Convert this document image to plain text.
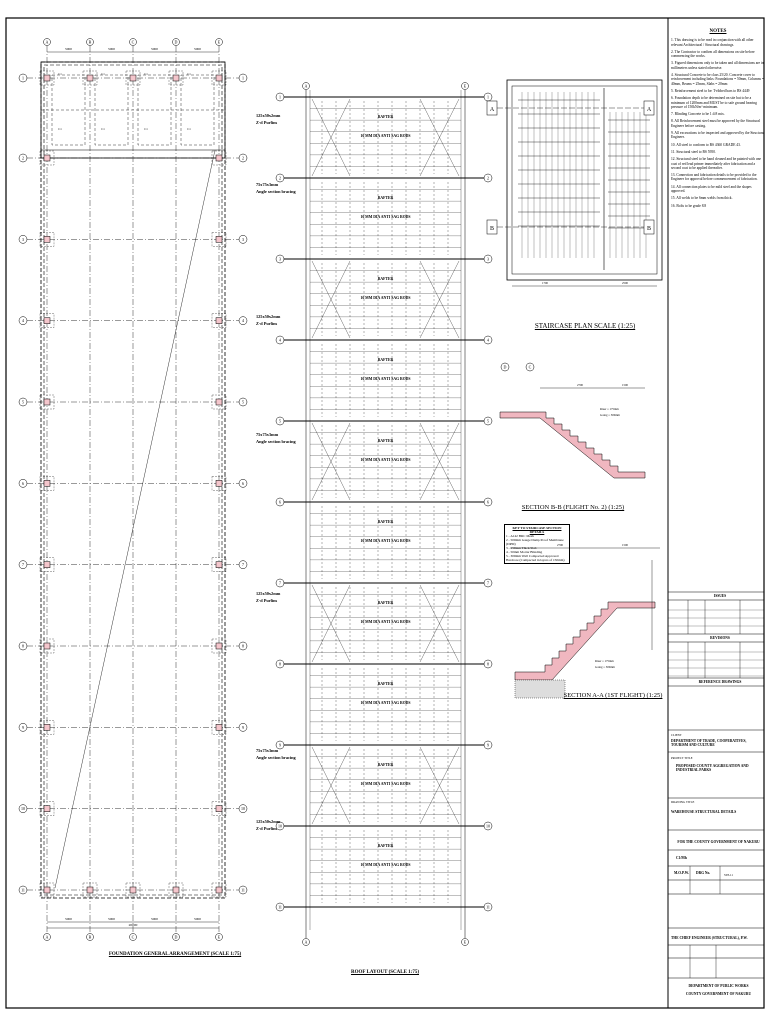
A
A
B
B
C
C
D
D
E
E
1	1
2	2
3	3
4	4
5	5
6	6
7	7
8	8
9	9
10	10
11	11
5000
5000
5000
5000
5000
5000
5000
5000
20000
C1
C1
C1
C1
C1
C1
C1
C1
A	E
A	E
1	1
2	2
3	3
4	4
5	5
6	6
7	7
8	8
9	9
10	10
11	11
RAFTER
16 MM DIA ANTI SAG RODS
RAFTER
16 MM DIA ANTI SAG RODS
RAFTER
16 MM DIA ANTI SAG RODS
RAFTER
16 MM DIA ANTI SAG RODS
RAFTER
16 MM DIA ANTI SAG RODS
RAFTER
16 MM DIA ANTI SAG RODS
RAFTER
16 MM DIA ANTI SAG RODS
RAFTER
16 MM DIA ANTI SAG RODS
RAFTER
16 MM DIA ANTI SAG RODS
RAFTER
16 MM DIA ANTI SAG RODS
125x50x2mm
Z-d Purlins
75x75x3mm
Angle section bracing
125x50x2mm
Z-d Purlins
75x75x3mm
Angle section bracing
125x50x2mm
Z-d Purlins
75x75x3mm
Angle section bracing
125x50x2mm
Z-d Purlins
A	A
B	B
1700	2500
D	C
2700	1500
Riser = 175mm
Going = 300mm
2700	1500
Riser = 175mm
Going = 300mm
FOUNDATION GENERAL ARRANGEMENT (SCALE 1:75)
ROOF LAYOUT (SCALE 1:75)
STAIRCASE PLAN SCALE (1:25)
SECTION B-B (FLIGHT No. 2) (1:25)
SECTION A-A (1ST FLIGHT) (1:25)
KEY TO STAIRCASE SECTION DETAILS
1 - A142 BRC Mesh
2 - 500mm Gauge Damp Proof Membrane (DPM)
3 - 150mm Thick Slab
4 - 50mm Mortar Blinding
5 - 300mm Well Compacted Approved Hardcore (Compacted in layers of 150mm)
NOTES
1. This drawing is to be read in conjunction with all other relevant Architectural / Structural drawings.
2. The Contractor to confirm all dimensions on site before commencing the works.
3. Figured dimensions only to be taken and all dimensions are in millimeters unless stated otherwise.
4. Structural Concrete to be class 25/20. Concrete cover to reinforcement including links: Foundations = 50mm, Columns = 40mm, Beams = 25mm, Slabs = 20mm
5. Reinforcement steel to be: T-ribbed bars to BS 4449
6. Foundation depth to be determined on site but to be a minimum of 1200mm and MUST be to safe ground bearing pressure of 150kN/m² minimum.
7. Blinding Concrete to be 1:4:8 mix.
8. All Reinforcement steel must be approved by the Structural Engineer before casting.
9. All excavations to be inspected and approved by the Structural Engineer.
10. All steel to conform to BS 4360 GRADE 43.
11. Structural steel to BS 5950.
12. Structural steel to be hand cleaned and be painted with one coat of red lead primer immediately after fabrication and a second coat to be applied thereafter.
13. Connection and fabrication details to be provided to the Engineer for approval before commencement of fabrication.
14. All connection plates to be mild steel and the shapes approved.
15. All welds to be 6mm welds from thick.
16. Bolts to be grade 8.8
ISSUES
REVISIONS
REFERENCE DRAWINGS
CLIENT
DEPARTMENT OF TRADE, COOPERATIVES, TOURISM AND CULTURE
PROJECT TITLE
PROPOSED COUNTY AGGREGATION AND INDUSTRIAL PARKS
DRAWING TITLE
WAREHOUSE STRUCTURAL DETAILS
FOR THE COUNTY GOVERNMENT OF NAKURU
C1/Mh
M.O.P.W. DRG No.	ST8-11
THE CHIEF ENGINEER (STRUCTURAL), P.W.
DEPARTMENT OF PUBLIC WORKS
COUNTY GOVERNMENT OF NAKURU
